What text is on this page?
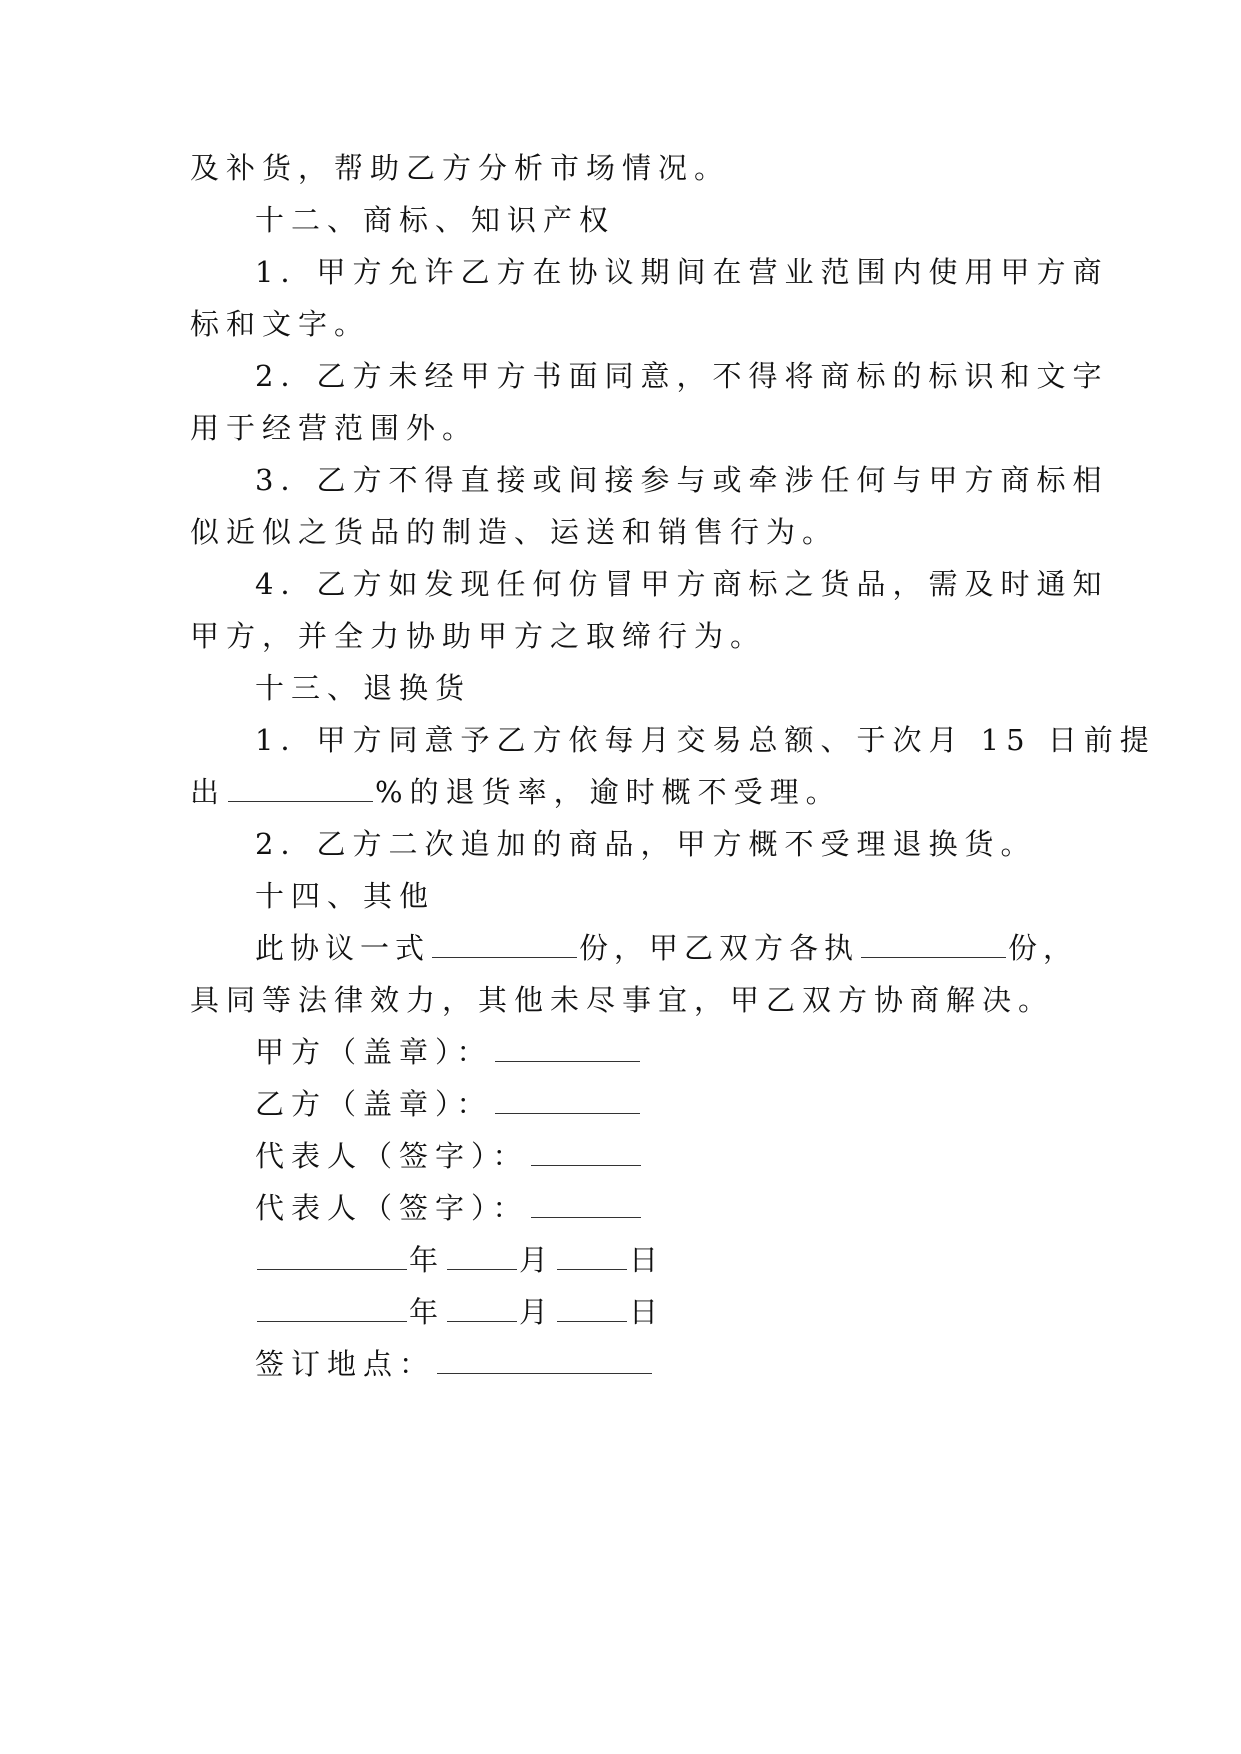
及补货，帮助乙方分析市场情况。
十二、商标、知识产权
1．甲方允许乙方在协议期间在营业范围内使用甲方商
标和文字。
2．乙方未经甲方书面同意，不得将商标的标识和文字
用于经营范围外。
3．乙方不得直接或间接参与或牵涉任何与甲方商标相
似近似之货品的制造、运送和销售行为。
4．乙方如发现任何仿冒甲方商标之货品，需及时通知
甲方，并全力协助甲方之取缔行为。
十三、退换货
1．甲方同意予乙方依每月交易总额、于次月 15 日前提
出	%的退货率，逾时概不受理。
2．乙方二次追加的商品，甲方概不受理退换货。
十四、其他
此协议一式	份，甲乙双方各执	份，
具同等法律效力，其他未尽事宜，甲乙双方协商解决。
甲方（盖章）：
乙方（盖章）：
代表人（签字）：
代表人（签字）：
年	月	日
年	月	日
签订地点：
